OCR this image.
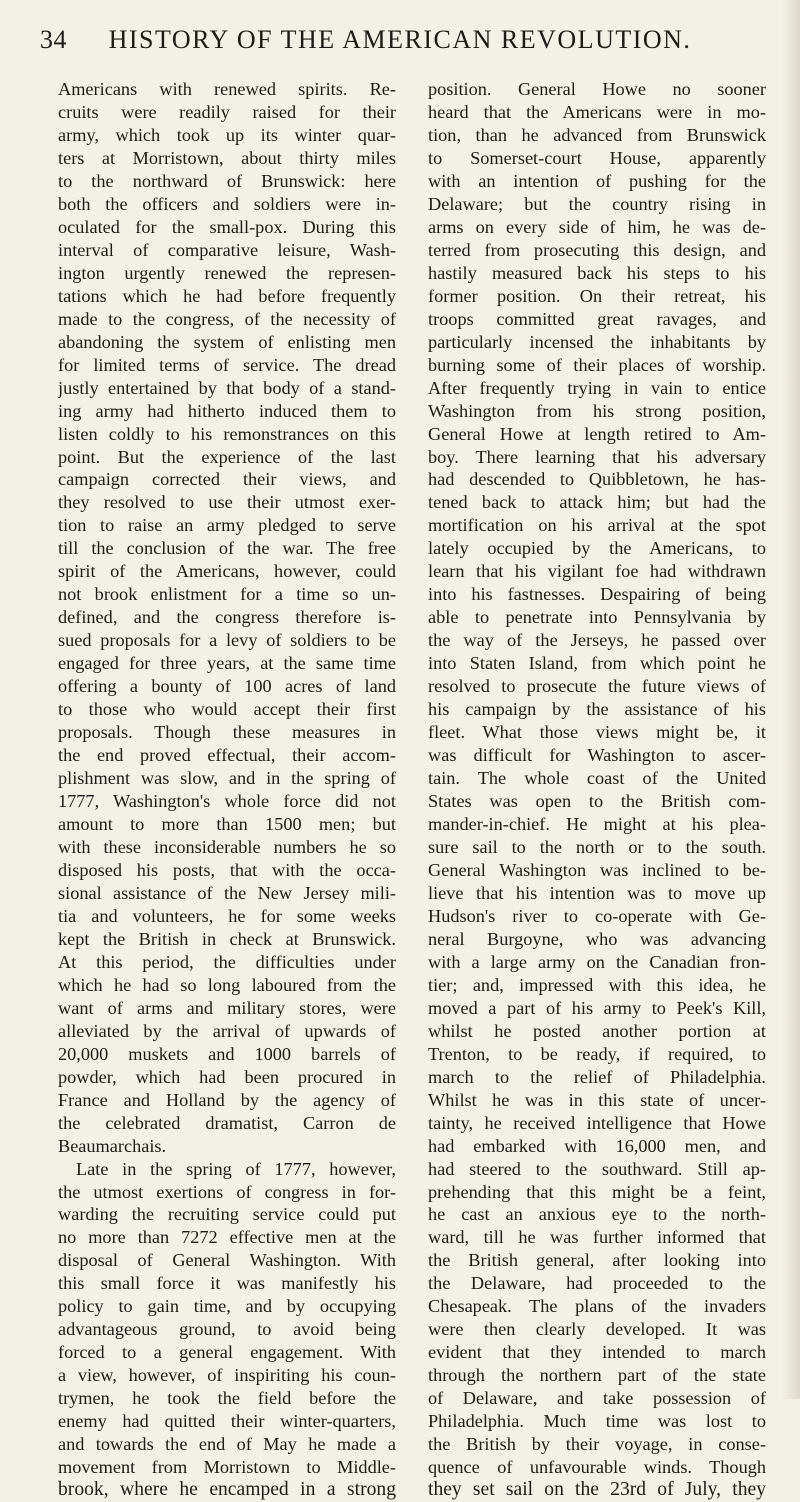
34	HISTORY OF THE AMERICAN REVOLUTION.
Americans with renewed spirits. Re-
cruits were readily raised for their
army, which took up its winter quar-
ters at Morristown, about thirty miles
to the northward of Brunswick: here
both the officers and soldiers were in-
oculated for the small-pox. During this
interval of comparative leisure, Wash-
ington urgently renewed the represen-
tations which he had before frequently
made to the congress, of the necessity of
abandoning the system of enlisting men
for limited terms of service. The dread
justly entertained by that body of a stand-
ing army had hitherto induced them to
listen coldly to his remonstrances on this
point. But the experience of the last
campaign corrected their views, and
they resolved to use their utmost exer-
tion to raise an army pledged to serve
till the conclusion of the war. The free
spirit of the Americans, however, could
not brook enlistment for a time so un-
defined, and the congress therefore is-
sued proposals for a levy of soldiers to be
engaged for three years, at the same time
offering a bounty of 100 acres of land
to those who would accept their first
proposals. Though these measures in
the end proved effectual, their accom-
plishment was slow, and in the spring of
1777, Washington's whole force did not
amount to more than 1500 men; but
with these inconsiderable numbers he so
disposed his posts, that with the occa-
sional assistance of the New Jersey mili-
tia and volunteers, he for some weeks
kept the British in check at Brunswick.
At this period, the difficulties under
which he had so long laboured from the
want of arms and military stores, were
alleviated by the arrival of upwards of
20,000 muskets and 1000 barrels of
powder, which had been procured in
France and Holland by the agency of
the celebrated dramatist, Carron de
Beaumarchais.
Late in the spring of 1777, however,
the utmost exertions of congress in for-
warding the recruiting service could put
no more than 7272 effective men at the
disposal of General Washington. With
this small force it was manifestly his
policy to gain time, and by occupying
advantageous ground, to avoid being
forced to a general engagement. With
a view, however, of inspiriting his coun-
trymen, he took the field before the
enemy had quitted their winter-quarters,
and towards the end of May he made a
movement from Morristown to Middle-
brook, where he encamped in a strong
position. General Howe no sooner
heard that the Americans were in mo-
tion, than he advanced from Brunswick
to Somerset-court House, apparently
with an intention of pushing for the
Delaware; but the country rising in
arms on every side of him, he was de-
terred from prosecuting this design, and
hastily measured back his steps to his
former position. On their retreat, his
troops committed great ravages, and
particularly incensed the inhabitants by
burning some of their places of worship.
After frequently trying in vain to entice
Washington from his strong position,
General Howe at length retired to Am-
boy. There learning that his adversary
had descended to Quibbletown, he has-
tened back to attack him; but had the
mortification on his arrival at the spot
lately occupied by the Americans, to
learn that his vigilant foe had withdrawn
into his fastnesses. Despairing of being
able to penetrate into Pennsylvania by
the way of the Jerseys, he passed over
into Staten Island, from which point he
resolved to prosecute the future views of
his campaign by the assistance of his
fleet. What those views might be, it
was difficult for Washington to ascer-
tain. The whole coast of the United
States was open to the British com-
mander-in-chief. He might at his plea-
sure sail to the north or to the south.
General Washington was inclined to be-
lieve that his intention was to move up
Hudson's river to co-operate with Ge-
neral Burgoyne, who was advancing
with a large army on the Canadian fron-
tier; and, impressed with this idea, he
moved a part of his army to Peek's Kill,
whilst he posted another portion at
Trenton, to be ready, if required, to
march to the relief of Philadelphia.
Whilst he was in this state of uncer-
tainty, he received intelligence that Howe
had embarked with 16,000 men, and
had steered to the southward. Still ap-
prehending that this might be a feint,
he cast an anxious eye to the north-
ward, till he was further informed that
the British general, after looking into
the Delaware, had proceeded to the
Chesapeak. The plans of the invaders
were then clearly developed. It was
evident that they intended to march
through the northern part of the state
of Delaware, and take possession of
Philadelphia. Much time was lost to
the British by their voyage, in conse-
quence of unfavourable winds. Though
they set sail on the 23rd of July, they
